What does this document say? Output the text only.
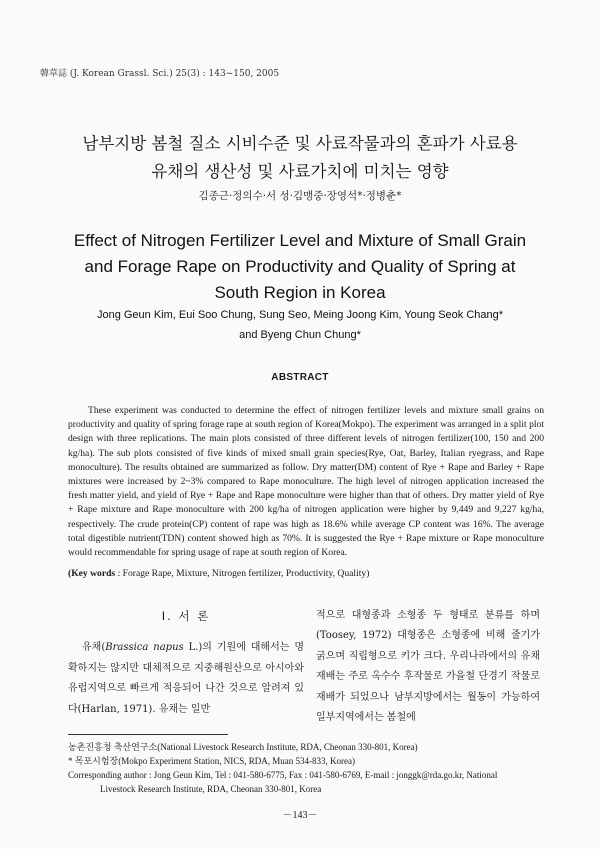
韓草誌 (J. Korean Grassl. Sci.) 25(3) : 143~150, 2005
남부지방 봄철 질소 시비수준 및 사료작물과의 혼파가 사료용
유채의 생산성 및 사료가치에 미치는 영향
김종근·정의수·서 성·김맹중·장영석*·정병춘*
Effect of Nitrogen Fertilizer Level and Mixture of Small Grain
and Forage Rape on Productivity and Quality of Spring at
South Region in Korea
Jong Geun Kim, Eui Soo Chung, Sung Seo, Meing Joong Kim, Young Seok Chang*
and Byeng Chun Chung*
ABSTRACT
These experiment was conducted to determine the effect of nitrogen fertilizer levels and mixture small grains on productivity and quality of spring forage rape at south region of Korea(Mokpo). The experiment was arranged in a split plot design with three replications. The main plots consisted of three different levels of nitrogen fertilizer(100, 150 and 200 kg/ha). The sub plots consisted of five kinds of mixed small grain species(Rye, Oat, Barley, Italian ryegrass, and Rape monoculture). The results obtained are summarized as follow. Dry matter(DM) content of Rye + Rape and Barley + Rape mixtures were increased by 2~3% compared to Rape monoculture. The high level of nitrogen application increased the fresh matter yield, and yield of Rye + Rape and Rape monoculture were higher than that of others. Dry matter yield of Rye + Rape mixture and Rape monoculture with 200 kg/ha of nitrogen application were higher by 9,449 and 9,227 kg/ha, respectively. The crude protein(CP) content of rape was high as 18.6% while average CP content was 16%. The average total digestible nutrient(TDN) content showed high as 70%. It is suggested the Rye + Rape mixture or Rape monoculture would recommendable for spring usage of rape at south region of Korea.
(Key words : Forage Rape, Mixture, Nitrogen fertilizer, Productivity, Quality)
Ⅰ. 서 론

유채(Brassica napus L.)의 기원에 대해서는 명확하지는 않지만 대체적으로 지중해원산으로 아시아와 유럽지역으로 빠르게 적응되어 나간 것으로 알려져 있다(Harlan, 1971). 유채는 일반

적으로 대형종과 소형종 두 형태로 분류를 하며(Toosey, 1972) 대형종은 소형종에 비해 줄기가 굵으며 직립형으로 키가 크다. 우리나라에서의 유채 재배는 주로 옥수수 후작물로 가을철 단경기 작물로 재배가 되었으나 남부지방에서는 월동이 가능하여 일부지역에서는 봄철에

농촌진흥청 축산연구소(National Livestock Research Institute, RDA, Cheonan 330-801, Korea)
* 목포시험장(Mokpo Experiment Station, NICS, RDA, Muan 534-833, Korea)
Corresponding author : Jong Geun Kim, Tel : 041-580-6775, Fax : 041-580-6769, E-mail : jonggk@rda.go.kr, National
Livestock Research Institute, RDA, Cheonan 330-801, Korea
－143－
